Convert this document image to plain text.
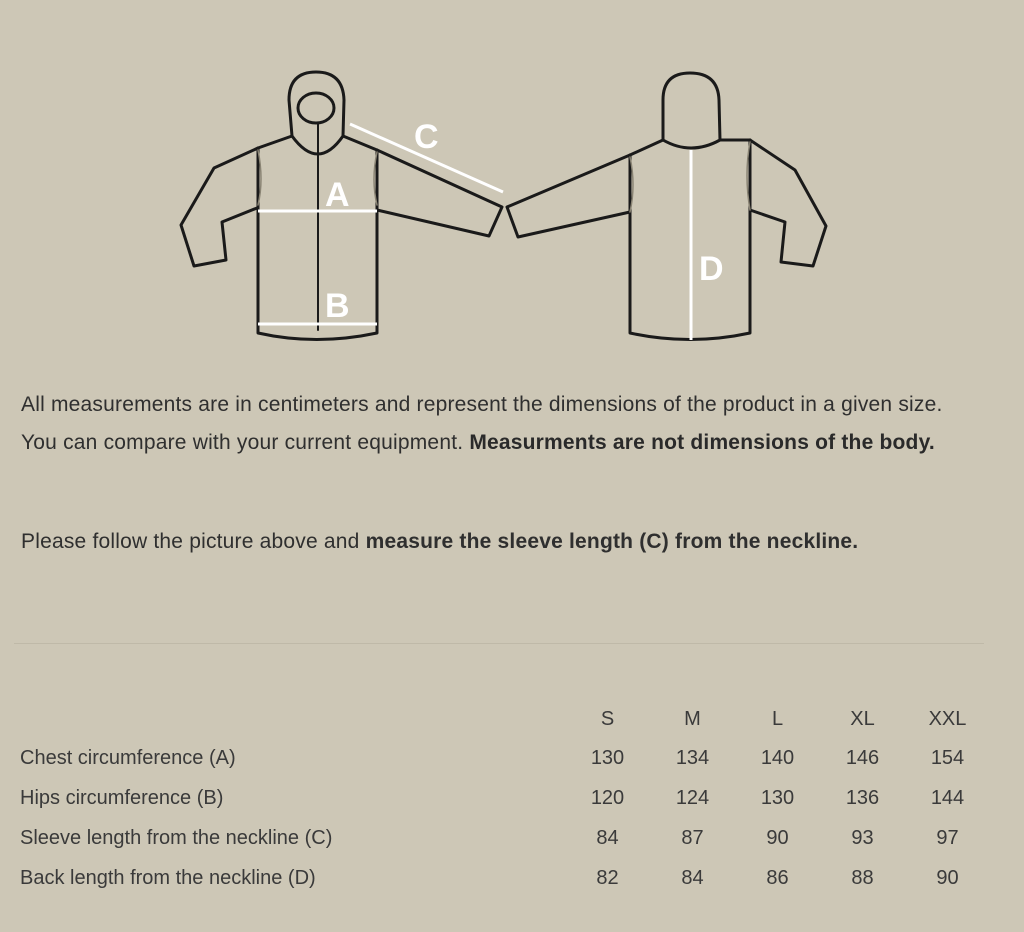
A
B
C
D

All measurements are in centimeters and represent the dimensions of the product in a given size. You can compare with your current equipment. Measurments are not dimensions of the body.

Please follow the picture above and measure the sleeve length (C) from the neckline.

	S	M	L	XL	XXL
Chest circumference (A)	130	134	140	146	154
Hips circumference (B)	120	124	130	136	144
Sleeve length from the neckline (C)	84	87	90	93	97
Back length from the neckline (D)	82	84	86	88	90
